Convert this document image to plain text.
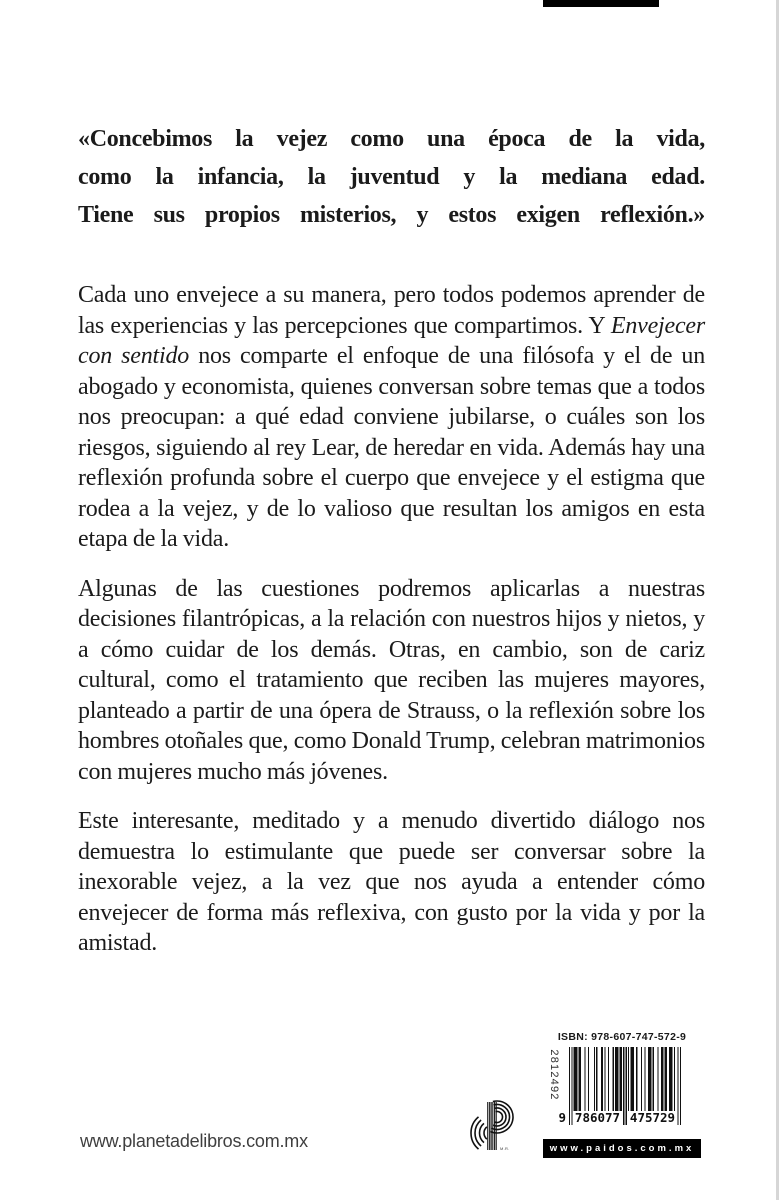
«Concebimos la vejez como una época de la vida,
como la infancia, la juventud y la mediana edad.
Tiene sus propios misterios, y estos exigen reflexión.»

Cada uno envejece a su manera, pero todos podemos aprender de las experiencias y las percepciones que compartimos. Y Envejecer con sentido nos comparte el enfoque de una filósofa y el de un abogado y economista, quienes conversan sobre temas que a todos nos preocupan: a qué edad conviene jubilarse, o cuáles son los riesgos, siguiendo al rey Lear, de heredar en vida. Además hay una reflexión profunda sobre el cuerpo que envejece y el estigma que rodea a la vejez, y de lo valioso que resultan los amigos en esta etapa de la vida.

Algunas de las cuestiones podremos aplicarlas a nuestras decisiones filantrópicas, a la relación con nuestros hijos y nietos, y a cómo cuidar de los demás. Otras, en cambio, son de cariz cultural, como el tratamiento que reciben las mujeres mayores, planteado a partir de una ópera de Strauss, o la reflexión sobre los hombres otoñales que, como Donald Trump, celebran matrimonios con mujeres mucho más jóvenes.

Este interesante, meditado y a menudo divertido diálogo nos demuestra lo estimulante que puede ser conversar sobre la inexorable vejez, a la vez que nos ayuda a entender cómo envejecer de forma más reflexiva, con gusto por la vida y por la amistad.

www.planetadelibros.com.mx	M.R.
ISBN: 978-607-747-572-9
2812492
9 786077 475729
www.paidos.com.mx
